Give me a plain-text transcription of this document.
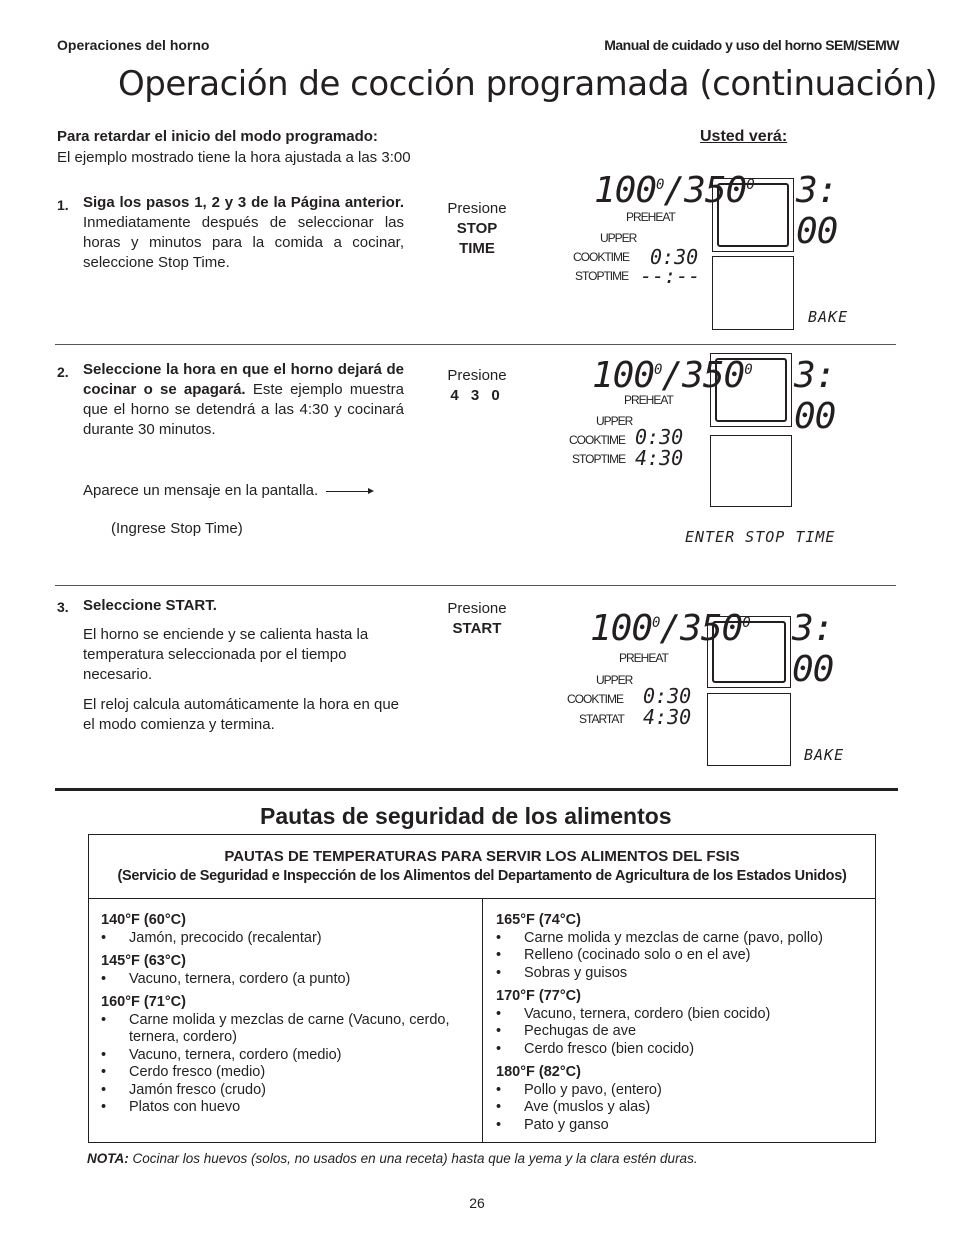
Operaciones del horno	Manual de cuidado y uso del horno SEM/SEMW
Operación de cocción programada (continuación)
Para retardar el inicio del modo programado:
El ejemplo mostrado tiene la hora ajustada a las 3:00
Usted verá:
1. Siga los pasos 1, 2 y 3 de la Página anterior. Inmediatamente después de seleccionar las horas y minutos para la comida a cocinar, seleccione Stop Time.
Presione
STOP
TIME
$100^0/350^0$
PREHEAT
UPPER
COOKTIME 0:30
STOPTIME --:--
3: 00
BAKE
2. Seleccione la hora en que el horno dejará de cocinar o se apagará. Este ejemplo muestra que el horno se detendrá a las 4:30 y cocinará durante 30 minutos.
Aparece un mensaje en la pantalla.
(Ingrese Stop Time)
Presione
4 3 0	$100^0/350^0$
PREHEAT
UPPER
COOKTIME 0:30
STOPTIME 4:30
3: 00
ENTER STOP TIME
3. Seleccione START.
El horno se enciende y se calienta hasta la temperatura seleccionada por el tiempo necesario.
El reloj calcula automáticamente la hora en que el modo comienza y termina.
Presione
START	$100^0/350^0$
PREHEAT
UPPER
COOKTIME 0:30
STARTAT 4:30
3: 00
BAKE
Pautas de seguridad de los alimentos
PAUTAS DE TEMPERATURAS PARA SERVIR LOS ALIMENTOS DEL FSIS
(Servicio de Seguridad e Inspección de los Alimentos del Departamento de Agricultura de los Estados Unidos)
140°F (60°C)
• Jamón, precocido (recalentar)
145°F (63°C)
• Vacuno, ternera, cordero (a punto)
160°F (71°C)
• Carne molida y mezclas de carne (Vacuno, cerdo, ternera, cordero)
• Vacuno, ternera, cordero (medio)
• Cerdo fresco (medio)
• Jamón fresco (crudo)
• Platos con huevo
165°F (74°C)
• Carne molida y mezclas de carne (pavo, pollo)
• Relleno (cocinado solo o en el ave)
• Sobras y guisos
170°F (77°C)
• Vacuno, ternera, cordero (bien cocido)
• Pechugas de ave
• Cerdo fresco (bien cocido)
180°F (82°C)
• Pollo y pavo, (entero)
• Ave (muslos y alas)
• Pato y ganso
NOTA: Cocinar los huevos (solos, no usados en una receta) hasta que la yema y la clara estén duras.
26
